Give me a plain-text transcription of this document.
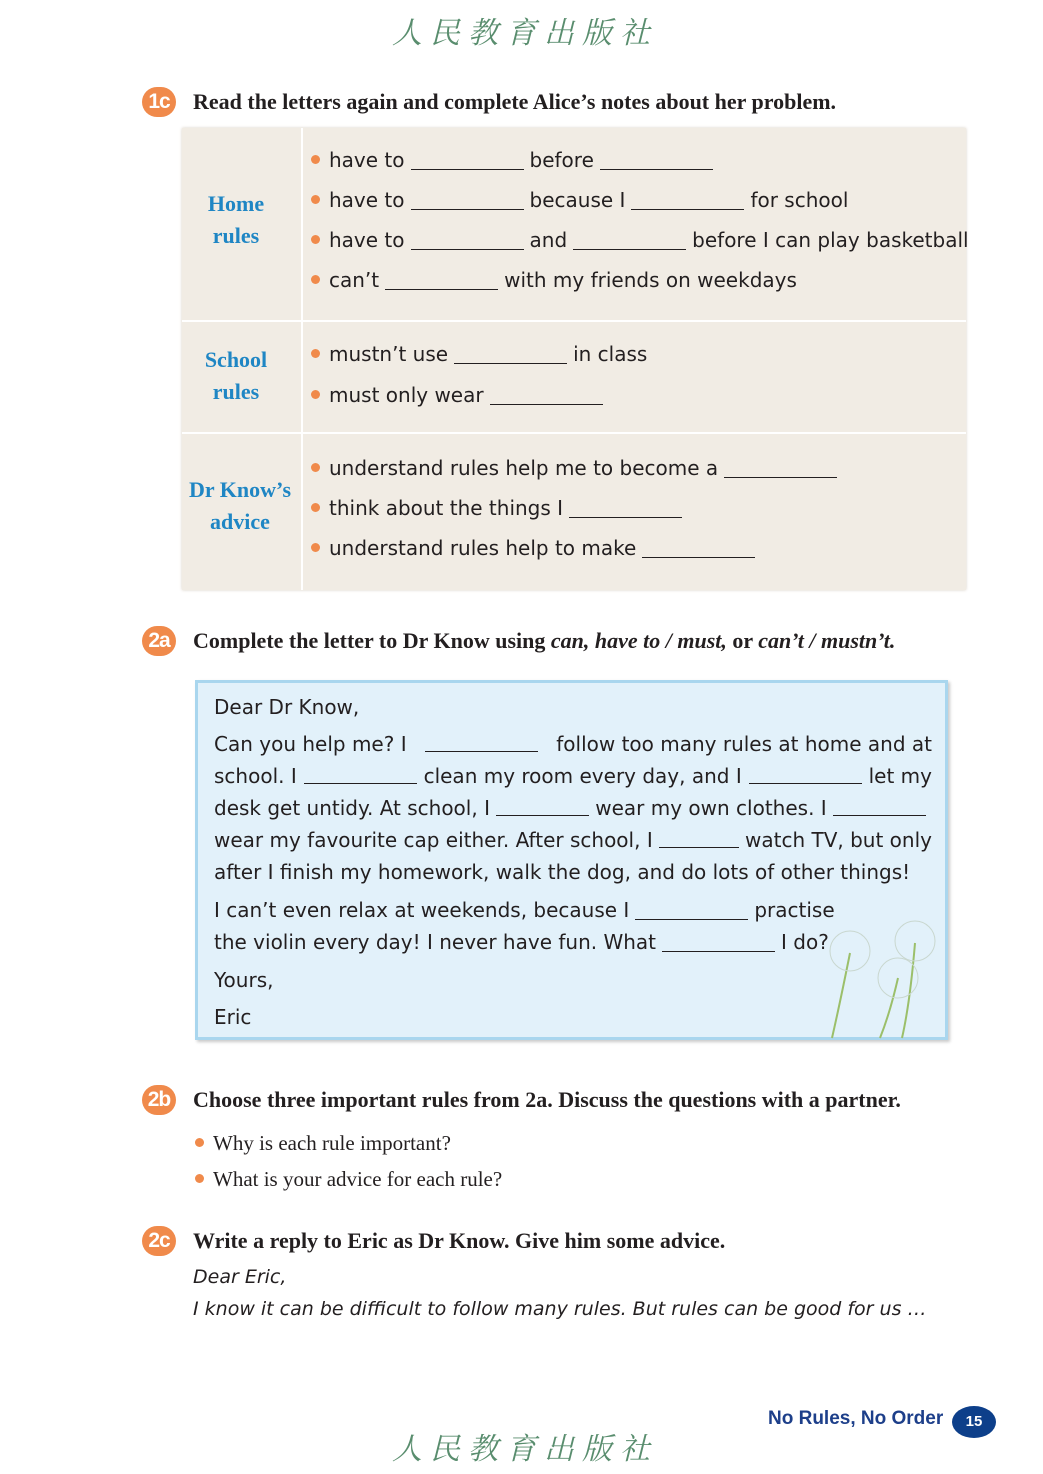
人民教育出版社
1c Read the letters again and complete Alice’s notes about her problem.
2a Complete the letter to Dr Know using can, have to / must, or can’t / mustn’t.
Dear Dr Know,
Yours,
Eric
Can you help me? I	follow too many rules at home and at
school. I	clean my room every day, and I	let my
desk get untidy. At school, I	wear my own clothes. I
wear my favourite cap either. After school, I	watch TV, but only
after I finish my homework, walk the dog, and do lots of other things!
I can’t even relax at weekends, because I	practise
the violin every day! I never have fun. What	I do?
2b Choose three important rules from 2a. Discuss the questions with a partner.
Why is each rule important?
What is your advice for each rule?
2c Write a reply to Eric as Dr Know. Give him some advice.
Dear Eric,
I know it can be difficult to follow many rules. But rules can be good for us …
No Rules, No Order	15
人民教育出版社
Home
rules
have to	before
have to	because I	for school
have to	and	before I can play basketball
can’t	with my friends on weekdays
School
rules
mustn’t use	in class
must only wear
Dr Know’s
advice
understand rules help me to become a
think about the things I
understand rules help to make
